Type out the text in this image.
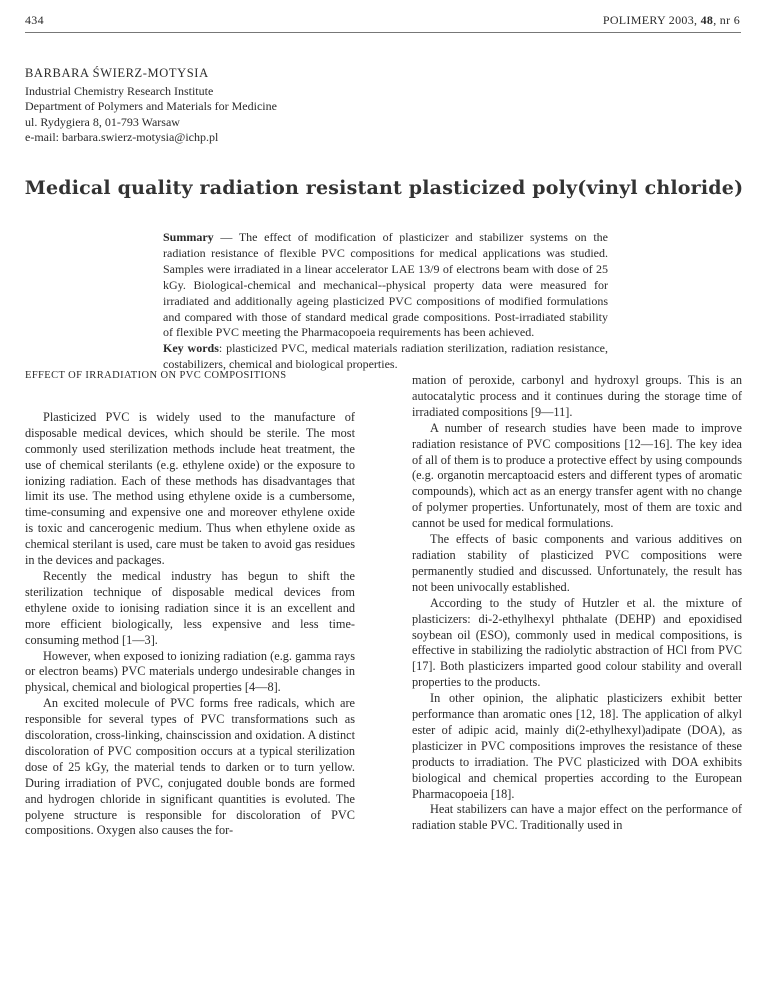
434	POLIMERY 2003, 48, nr 6
BARBARA ŚWIERZ-MOTYSIA
Industrial Chemistry Research Institute
Department of Polymers and Materials for Medicine
ul. Rydygiera 8, 01-793 Warsaw
e-mail: barbara.swierz-motysia@ichp.pl
Medical quality radiation resistant plasticized poly(vinyl chloride)
Summary — The effect of modification of plasticizer and stabilizer systems on the radiation resistance of flexible PVC compositions for medical applications was studied. Samples were irradiated in a linear accelerator LAE 13/9 of electrons beam with dose of 25 kGy. Biological-chemical and mechanical--physical property data were measured for irradiated and additionally ageing plasticized PVC compositions of modified formulations and compared with those of standard medical grade compositions. Post-irradiated stability of flexible PVC meeting the Pharmacopoeia requirements has been achieved.
Key words: plasticized PVC, medical materials radiation sterilization, radiation resistance, costabilizers, chemical and biological properties.
EFFECT OF IRRADIATION ON PVC COMPOSITIONS

Plasticized PVC is widely used to the manufacture of disposable medical devices, which should be sterile. The most commonly used sterilization methods include heat treatment, the use of chemical sterilants (e.g. ethylene oxide) or the exposure to ionizing radiation. Each of these methods has disadvantages that limit its use. The method using ethylene oxide is a cumbersome, time-consuming and expensive one and moreover ethylene oxide is toxic and cancerogenic medium. Thus when ethylene oxide as chemical sterilant is used, care must be taken to avoid gas residues in the devices and packages.

Recently the medical industry has begun to shift the sterilization technique of disposable medical devices from ethylene oxide to ionising radiation since it is an excellent and more efficient biologically, less expensive and less time-consuming method [1—3].

However, when exposed to ionizing radiation (e.g. gamma rays or electron beams) PVC materials undergo undesirable changes in physical, chemical and biological properties [4—8].

An excited molecule of PVC forms free radicals, which are responsible for several types of PVC transformations such as discoloration, cross-linking, chainscission and oxidation. A distinct discoloration of PVC composition occurs at a typical sterilization dose of 25 kGy, the material tends to darken or to turn yellow. During irradiation of PVC, conjugated double bonds are formed and hydrogen chloride in significant quantities is evoluted. The polyene structure is responsible for discoloration of PVC compositions. Oxygen also causes the for-

mation of peroxide, carbonyl and hydroxyl groups. This is an autocatalytic process and it continues during the storage time of irradiated compositions [9—11].

A number of research studies have been made to improve radiation resistance of PVC compositions [12—16]. The key idea of all of them is to produce a protective effect by using compounds (e.g. organotin mercaptoacid esters and different types of aromatic compounds), which act as an energy transfer agent with no change of polymer properties. Unfortunately, most of them are toxic and cannot be used for medical formulations.

The effects of basic components and various additives on radiation stability of plasticized PVC compositions were permanently studied and discussed. Unfortunately, the result has not been univocally established.

According to the study of Hutzler et al. the mixture of plasticizers: di-2-ethylhexyl phthalate (DEHP) and epoxidised soybean oil (ESO), commonly used in medical compositions, is effective in stabilizing the radiolytic abstraction of HCl from PVC [17]. Both plasticizers imparted good colour stability and overall properties to the products.

In other opinion, the aliphatic plasticizers exhibit better performance than aromatic ones [12, 18]. The application of alkyl ester of adipic acid, mainly di(2-ethylhexyl)adipate (DOA), as plasticizer in PVC compositions improves the resistance of these products to irradiation. The PVC plasticized with DOA exhibits biological and chemical properties according to the European Pharmacopoeia [18].

Heat stabilizers can have a major effect on the performance of radiation stable PVC. Traditionally used in
